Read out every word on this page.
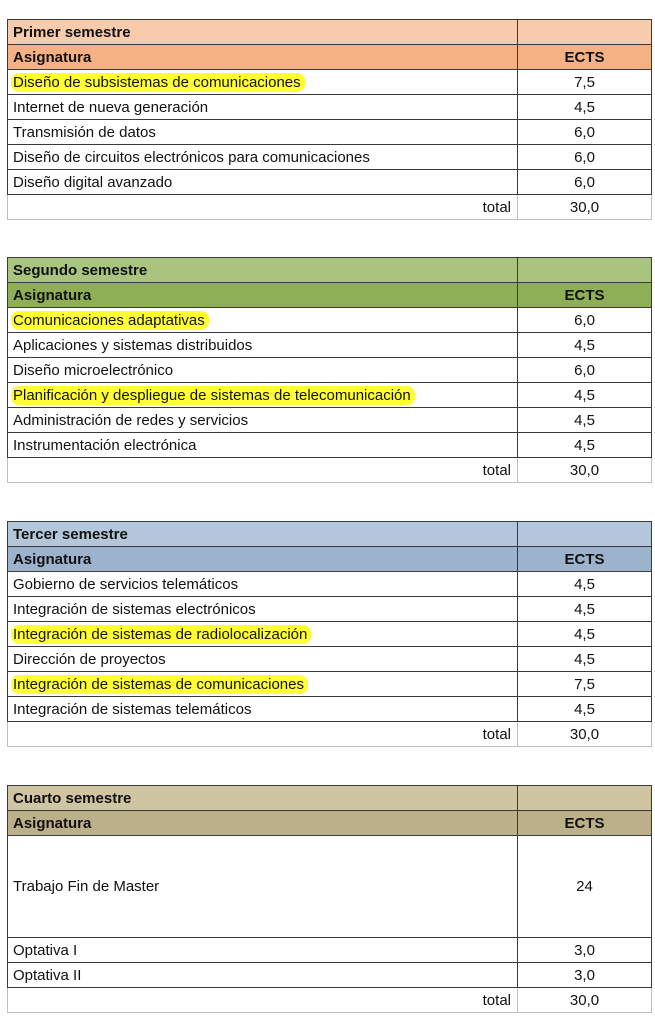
Primer semestre	
Asignatura	ECTS
Diseño de subsistemas de comunicaciones	7,5
Internet de nueva generación	4,5
Transmisión de datos	6,0
Diseño de circuitos electrónicos para comunicaciones	6,0
Diseño digital avanzado	6,0
total	30,0
Segundo semestre	
Asignatura	ECTS
Comunicaciones adaptativas	6,0
Aplicaciones y sistemas distribuidos	4,5
Diseño microelectrónico	6,0
Planificación y despliegue de sistemas de telecomunicación	4,5
Administración de redes y servicios	4,5
Instrumentación electrónica	4,5
total	30,0
Tercer semestre	
Asignatura	ECTS
Gobierno de servicios telemáticos	4,5
Integración de sistemas electrónicos	4,5
Integración de sistemas de radiolocalización	4,5
Dirección de proyectos	4,5
Integración de sistemas de comunicaciones	7,5
Integración de sistemas telemáticos	4,5
total	30,0
Cuarto semestre	
Asignatura	ECTS
Trabajo Fin de Master	24
Optativa I	3,0
Optativa II	3,0
total	30,0
